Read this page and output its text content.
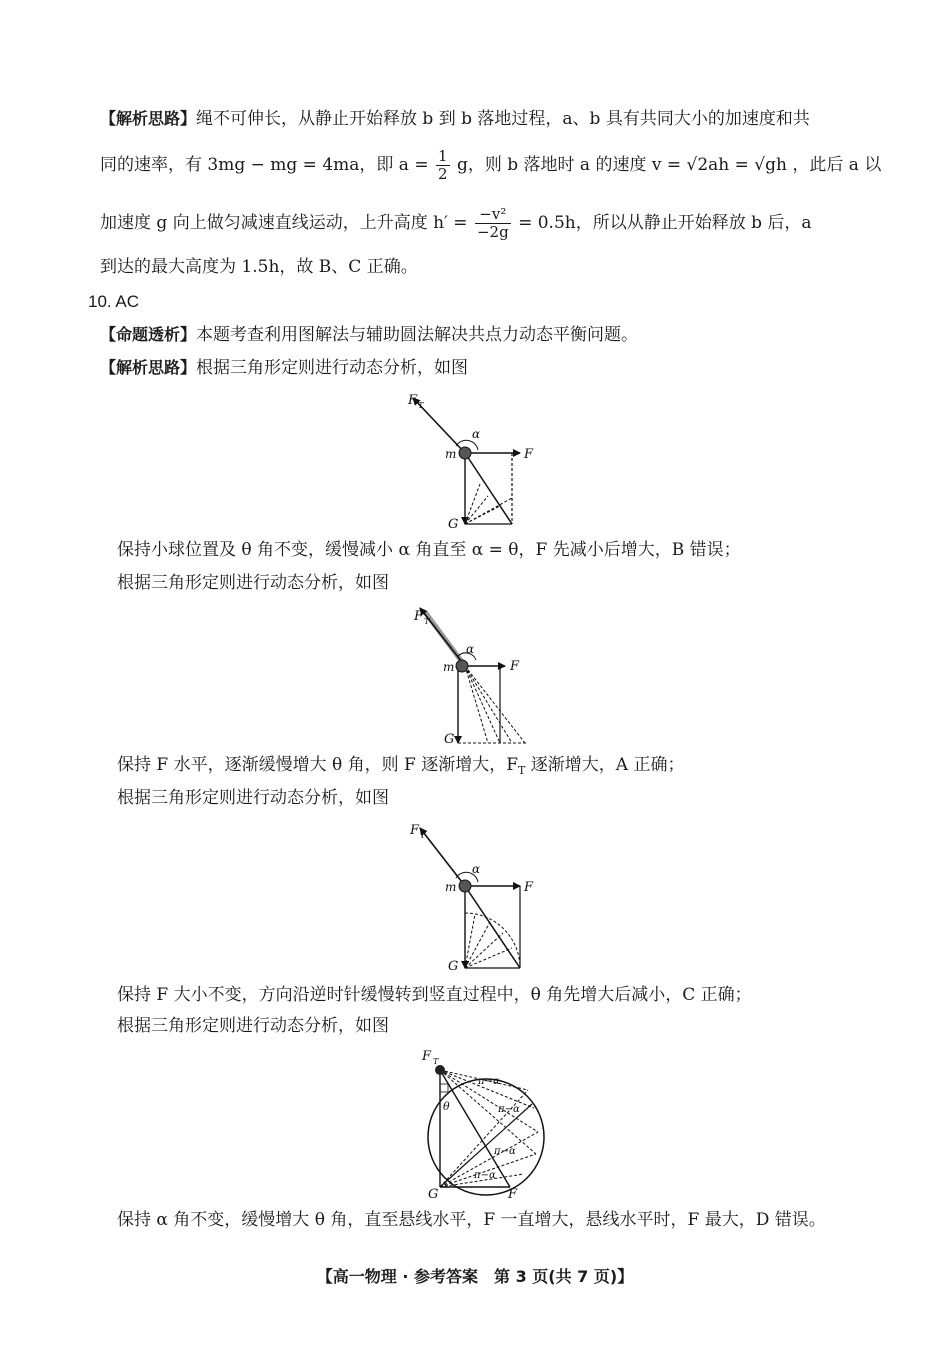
【解析思路】绳不可伸长，从静止开始释放 b 到 b 落地过程，a、b 具有共同大小的加速度和共
同的速率，有 3mg − mg = 4ma，即 $a = \frac{1}{2}$ g，则 b 落地时 a 的速度 v = √2ah = √gh ，此后 a 以
加速度 g 向上做匀减速直线运动，上升高度 $h' = \frac{\text{−v²}}{-2g} = 0.5h$，所以从静止开始释放 b 后，a
到达的最大高度为 1.5h，故 B、C 正确。
10. AC
【命题透析】本题考查利用图解法与辅助圆法解决共点力动态平衡问题。
【解析思路】根据三角形定则进行动态分析，如图
F T
α
m	F
G
保持小球位置及 θ 角不变，缓慢减小 α 角直至 α = θ，F 先减小后增大，B 错误；
根据三角形定则进行动态分析，如图
F T
α
m	F
G
保持 F 水平，逐渐缓慢增大 θ 角，则 F 逐渐增大，$F_T$ 逐渐增大，A 正确；
根据三角形定则进行动态分析，如图
F T
α
m	F
G
保持 F 大小不变，方向沿逆时针缓慢转到竖直过程中，θ 角先增大后减小，C 正确；
根据三角形定则进行动态分析，如图
F T
θ
π−α
π−α
π−α
π−α
G	F
保持 α 角不变，缓慢增大 θ 角，直至悬线水平，F 一直增大，悬线水平时，F 最大，D 错误。
【高一物理 · 参考答案　第 3 页(共 7 页)】
